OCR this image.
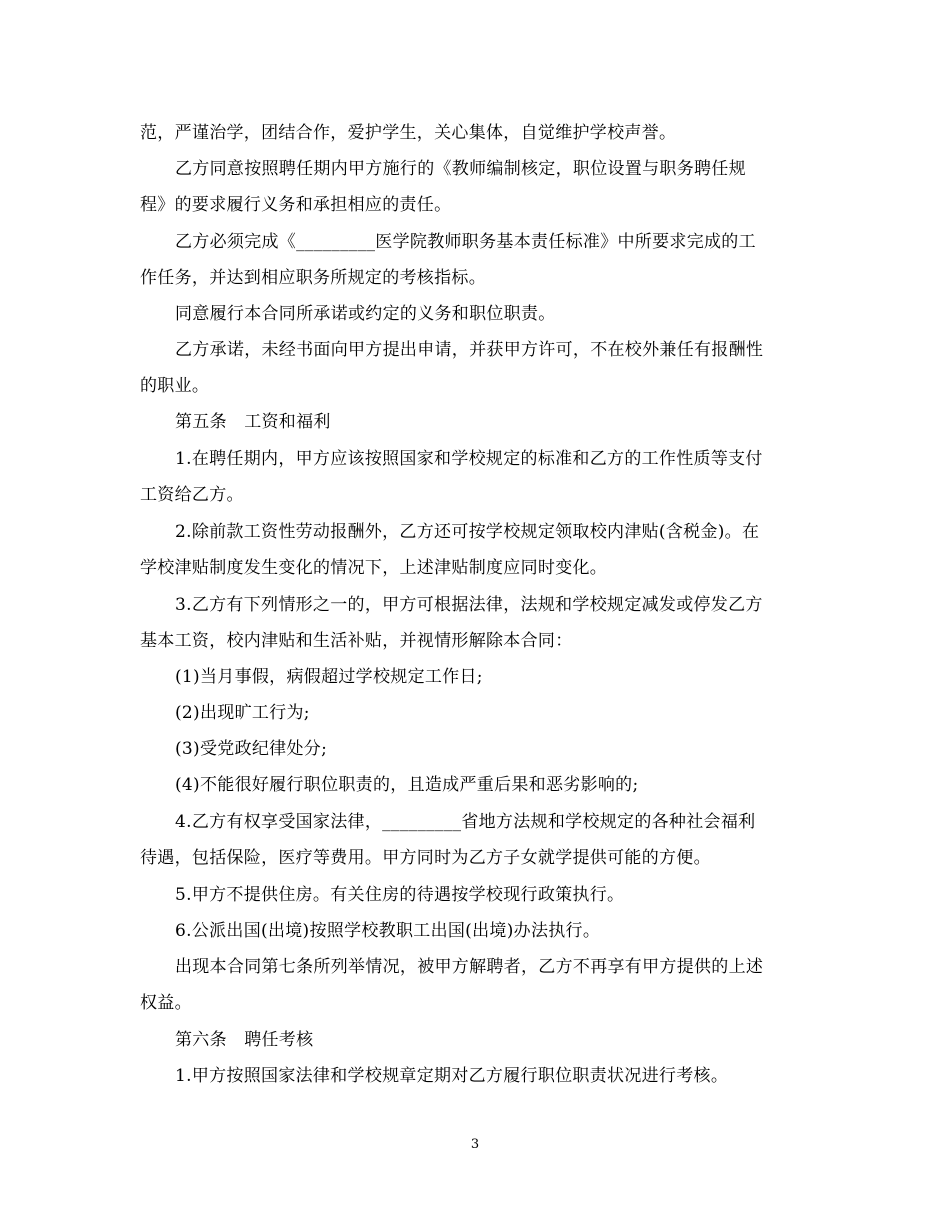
范，严谨治学，团结合作，爱护学生，关心集体，自觉维护学校声誉。
乙方同意按照聘任期内甲方施行的《教师编制核定，职位设置与职务聘任规
程》的要求履行义务和承担相应的责任。
乙方必须完成《_________医学院教师职务基本责任标准》中所要求完成的工
作任务，并达到相应职务所规定的考核指标。
同意履行本合同所承诺或约定的义务和职位职责。
乙方承诺，未经书面向甲方提出申请，并获甲方许可，不在校外兼任有报酬性
的职业。
第五条　工资和福利
1.在聘任期内，甲方应该按照国家和学校规定的标准和乙方的工作性质等支付
工资给乙方。
2.除前款工资性劳动报酬外，乙方还可按学校规定领取校内津贴(含税金)。在
学校津贴制度发生变化的情况下，上述津贴制度应同时变化。
3.乙方有下列情形之一的，甲方可根据法律，法规和学校规定减发或停发乙方
基本工资，校内津贴和生活补贴，并视情形解除本合同：
(1)当月事假，病假超过学校规定工作日;
(2)出现旷工行为;
(3)受党政纪律处分;
(4)不能很好履行职位职责的，且造成严重后果和恶劣影响的;
4.乙方有权享受国家法律，_________省地方法规和学校规定的各种社会福利
待遇，包括保险，医疗等费用。甲方同时为乙方子女就学提供可能的方便。
5.甲方不提供住房。有关住房的待遇按学校现行政策执行。
6.公派出国(出境)按照学校教职工出国(出境)办法执行。
出现本合同第七条所列举情况，被甲方解聘者，乙方不再享有甲方提供的上述
权益。
第六条　聘任考核
1.甲方按照国家法律和学校规章定期对乙方履行职位职责状况进行考核。
3
